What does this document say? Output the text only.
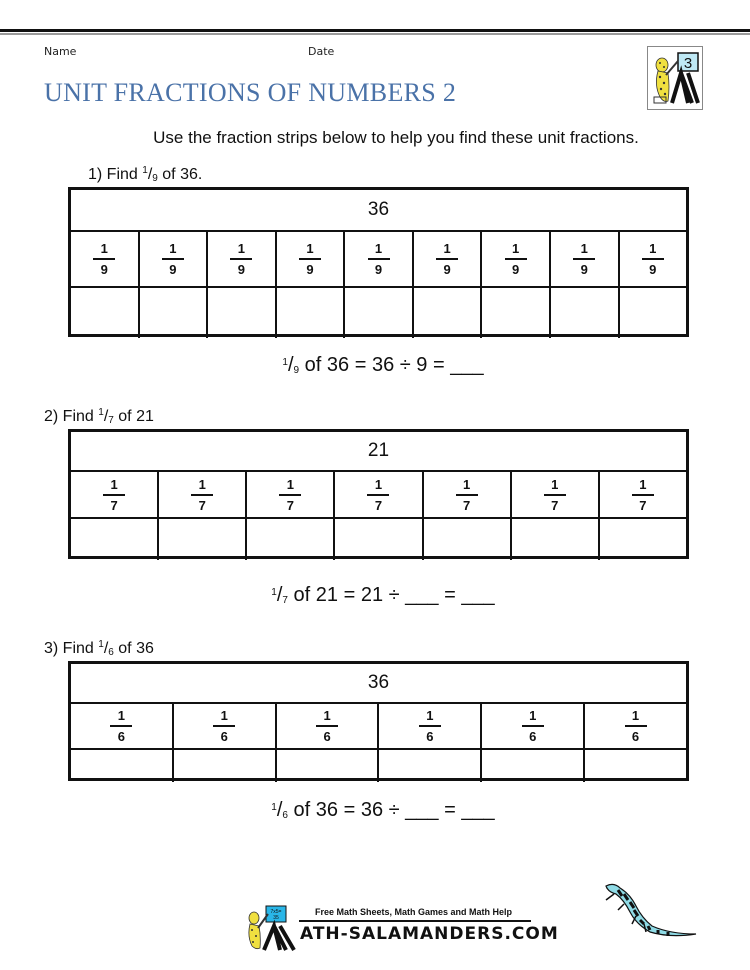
Name	Date
UNIT FRACTIONS OF NUMBERS 2
3
Use the fraction strips below to help you find these unit fractions.
1) Find $^1/_9$ of 36.
36
$\frac{1}{9}$	$\frac{1}{9}$	$\frac{1}{9}$	$\frac{1}{9}$	$\frac{1}{9}$	$\frac{1}{9}$	$\frac{1}{9}$	$\frac{1}{9}$	$\frac{1}{9}$
$^1/_9$ of 36 = 36 ÷ 9 = ___
2) Find $^1/_7$ of 21
21
$\frac{1}{7}$	$\frac{1}{7}$	$\frac{1}{7}$	$\frac{1}{7}$	$\frac{1}{7}$	$\frac{1}{7}$	$\frac{1}{7}$
$^1/_7$ of 21 = 21 ÷ ___ = ___
3) Find $^1/_6$ of 36
36
$\frac{1}{6}$	$\frac{1}{6}$	$\frac{1}{6}$	$\frac{1}{6}$	$\frac{1}{6}$	$\frac{1}{6}$
$^1/_6$ of 36 = 36 ÷ ___ = ___
7x5=
35
Free Math Sheets, Math Games and Math Help
ATH-SALAMANDERS.COM
